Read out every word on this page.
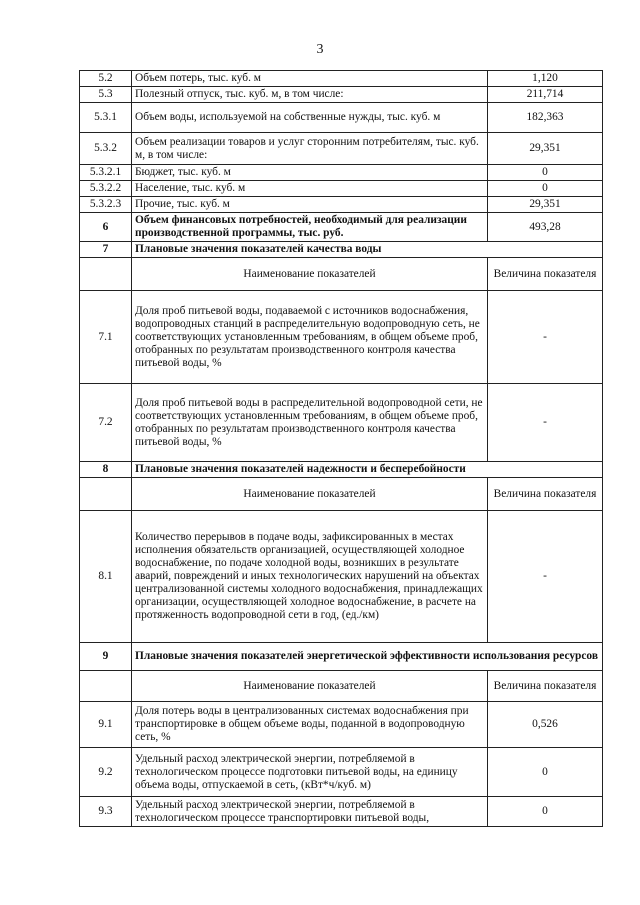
3
5.2	Объем потерь, тыс. куб. м	1,120
5.3	Полезный отпуск, тыс. куб. м, в том числе:	211,714
5.3.1	Объем воды, используемой на собственные нужды, тыс. куб. м	182,363
5.3.2	Объем реализации товаров и услуг сторонним потребителям, тыс. куб. м, в том числе:	29,351
5.3.2.1	Бюджет, тыс. куб. м	0
5.3.2.2	Население, тыс. куб. м	0
5.3.2.3	Прочие, тыс. куб. м	29,351
6	Объем финансовых потребностей, необходимый для реализации производственной программы, тыс. руб.	493,28
7	Плановые значения показателей качества воды	
	Наименование показателей	Величина показателя
7.1	Доля проб питьевой воды, подаваемой с источников водоснабжения, водопроводных станций в распределительную водопроводную сеть, не соответствующих установленным требованиям, в общем объеме проб, отобранных по результатам производственного контроля качества питьевой воды, %	-
7.2	Доля проб питьевой воды в распределительной водопроводной сети, не соответствующих установленным требованиям, в общем объеме проб, отобранных по результатам производственного контроля качества питьевой воды, %	-
8	Плановые значения показателей надежности и бесперебойности	
	Наименование показателей	Величина показателя
8.1	Количество перерывов в подаче воды, зафиксированных в местах исполнения обязательств организацией, осуществляющей холодное водоснабжение, по подаче холодной воды, возникших в результате аварий, повреждений и иных технологических нарушений на объектах централизованной системы холодного водоснабжения, принадлежащих организации, осуществляющей холодное водоснабжение, в расчете на протяженность водопроводной сети в год, (ед./км)	-
9	Плановые значения показателей энергетической эффективности использования ресурсов	
	Наименование показателей	Величина показателя
9.1	Доля потерь воды в централизованных системах водоснабжения при транспортировке в общем объеме воды, поданной в водопроводную сеть, %	0,526
9.2	Удельный расход электрической энергии, потребляемой в технологическом процессе подготовки питьевой воды, на единицу объема воды, отпускаемой в сеть, (кВт*ч/куб. м)	0
9.3	Удельный расход электрической энергии, потребляемой в технологическом процессе транспортировки питьевой воды,	0
